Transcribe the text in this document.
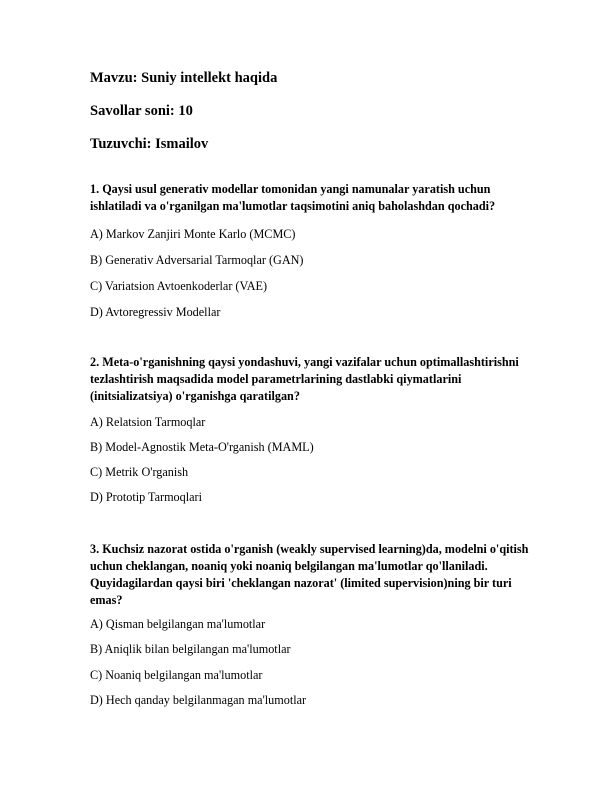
Mavzu: Suniy intellekt haqida
Savollar soni: 10
Tuzuvchi: Ismailov
1. Qaysi usul generativ modellar tomonidan yangi namunalar yaratish uchun
ishlatiladi va o'rganilgan ma'lumotlar taqsimotini aniq baholashdan qochadi?
A) Markov Zanjiri Monte Karlo (MCMC)
B) Generativ Adversarial Tarmoqlar (GAN)
C) Variatsion Avtoenkoderlar (VAE)
D) Avtoregressiv Modellar
2. Meta-o'rganishning qaysi yondashuvi, yangi vazifalar uchun optimallashtirishni
tezlashtirish maqsadida model parametrlarining dastlabki qiymatlarini
(initsializatsiya) o'rganishga qaratilgan?
A) Relatsion Tarmoqlar
B) Model-Agnostik Meta-O'rganish (MAML)
C) Metrik O'rganish
D) Prototip Tarmoqlari
3. Kuchsiz nazorat ostida o'rganish (weakly supervised learning)da, modelni o'qitish
uchun cheklangan, noaniq yoki noaniq belgilangan ma'lumotlar qo'llaniladi.
Quyidagilardan qaysi biri 'cheklangan nazorat' (limited supervision)ning bir turi
emas?
A) Qisman belgilangan ma'lumotlar
B) Aniqlik bilan belgilangan ma'lumotlar
C) Noaniq belgilangan ma'lumotlar
D) Hech qanday belgilanmagan ma'lumotlar
